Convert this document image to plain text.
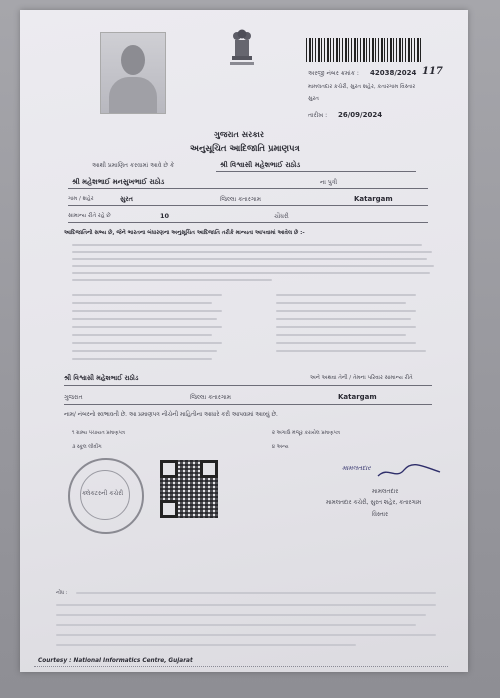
અરજી નંબર ક્રમાંક : 42038/2024 117
મામલતદાર કચેરી, સુરત શહેર, કતારગામ વિસ્તાર
સુરત
તારીખ : 26/09/2024
ગુજરાત સરકાર
અનુસૂચિત આદિજાતિ પ્રમાણપત્ર
આથી પ્રમાણિત કરવામાં આવે છે કે	શ્રી વિશ્વાસી મહેશભાઈ રાઠોડ
શ્રી મહેશભાઈ મનસુખભાઈ રાઠોડ	ના પુત્રી
ગામ / શહેર	સુરત	જિલ્લા કતારગામ	Katargam
સામાન્ય રીતે રહે છે	10	ચૌધરી
આદિજાતિનો સભ્ય છે, જેને ભારતના બંધારણના અનુસૂચિત આદિજાતિ તરીકે માન્યતા આપવામાં આવેલ છે :-
શ્રી વિશ્વાસી મહેશભાઈ રાઠોડ	અને અથવા તેની / તેમના પરિવાર સામાન્ય રીતે
ગુજરાત	જિલ્લા કતારગામ	Katargam
નામ/ નંબરનો સ્વભાવતી છે. આ પ્રમાણપત્ર નીચેની માહિતીના આધારે કરી આપવામાં આવ્યું છે.
૧ ગ્રામ્ય પંચાયત પ્રમાણપત્ર	૨ અગાઉ મંજૂર કરાયેલ પ્રમાણપત્ર
૩ સ્કૂલ લીવીંગ	૪ અન્ય
ક્લેકટરની કચેરી
મામલતદાર
મામલતદાર
મામલતદાર કચેરી, સુરત શહેર, કતારગામ
વિસ્તાર
નોંધ :
Courtesy : National Informatics Centre, Gujarat
